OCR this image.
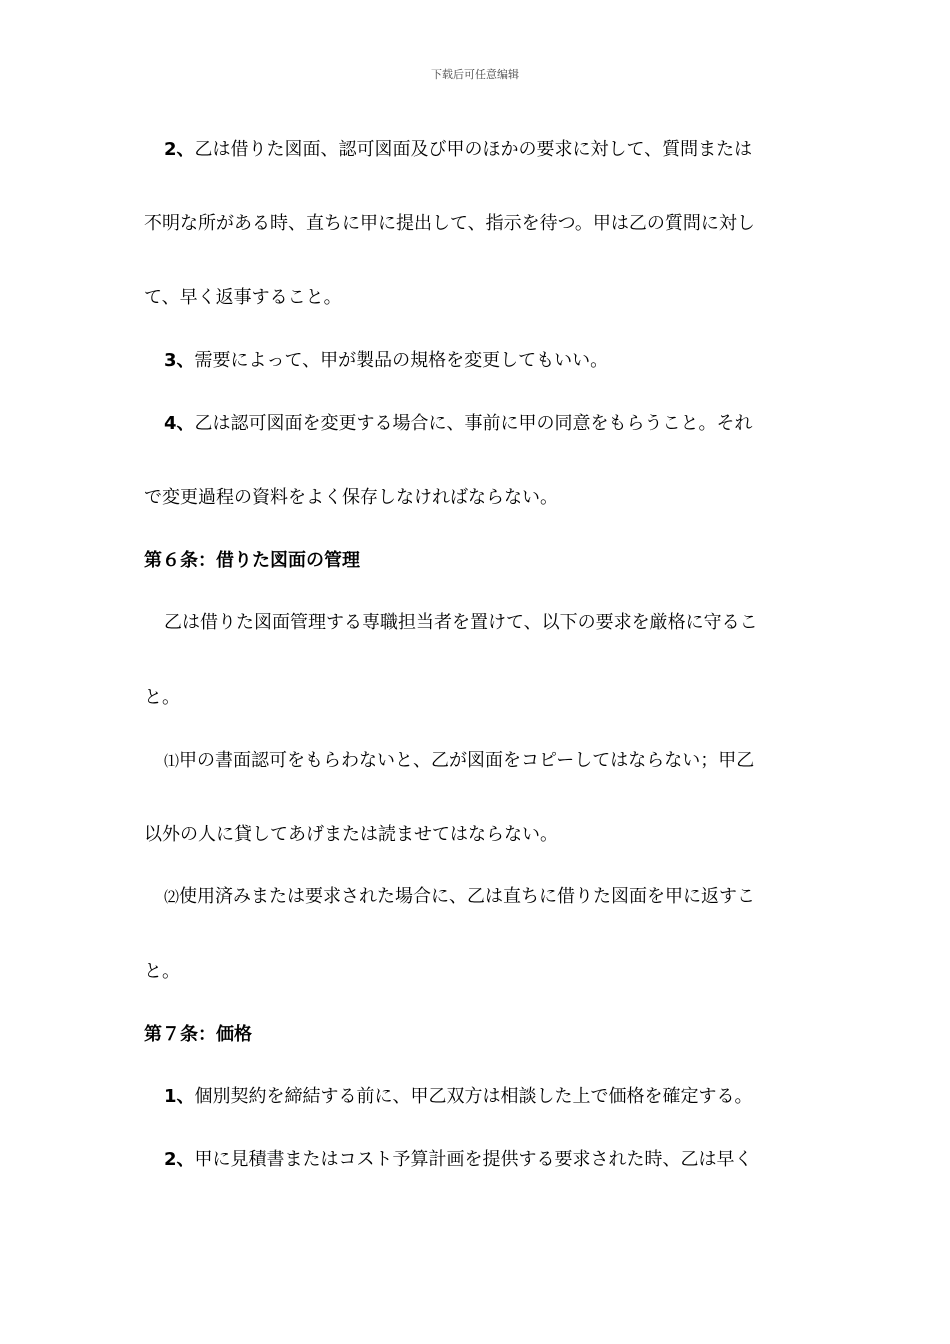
下载后可任意编辑
2、乙は借りた図面、認可図面及び甲のほかの要求に対して、質問または
不明な所がある時、直ちに甲に提出して、指示を待つ。甲は乙の質問に対し
て、早く返事すること。
3、需要によって、甲が製品の規格を変更してもいい。
4、乙は認可図面を変更する場合に、事前に甲の同意をもらうこと。それ
で変更過程の資料をよく保存しなければならない。
第６条：借りた図面の管理
乙は借りた図面管理する専職担当者を置けて、以下の要求を厳格に守るこ
と。
⑴甲の書面認可をもらわないと、乙が図面をコピーしてはならない；甲乙
以外の人に貸してあげまたは読ませてはならない。
⑵使用済みまたは要求された場合に、乙は直ちに借りた図面を甲に返すこ
と。
第７条：価格
1、個別契約を締結する前に、甲乙双方は相談した上で価格を確定する。
2、甲に見積書またはコスト予算計画を提供する要求された時、乙は早く
